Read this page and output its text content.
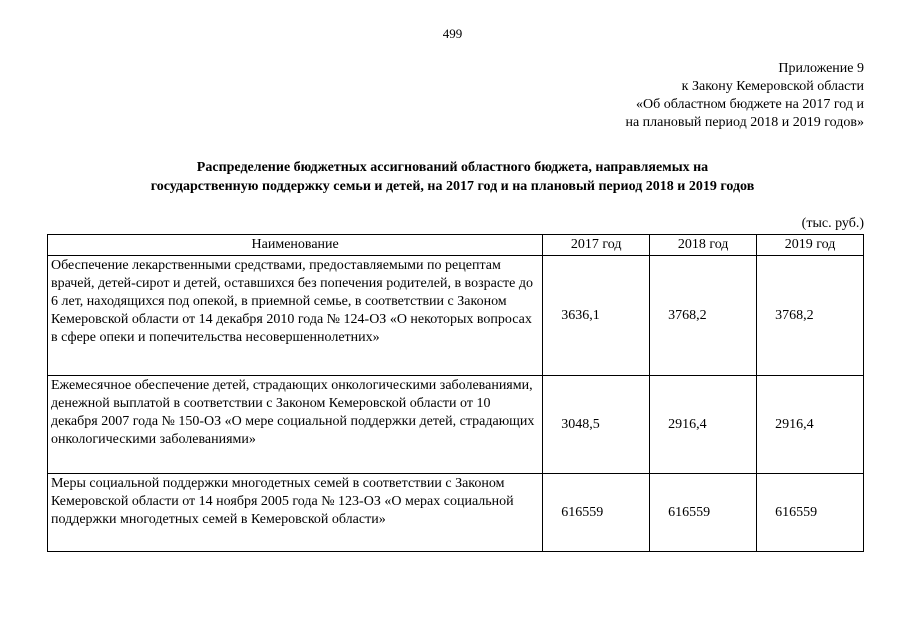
499
Приложение 9
к Закону Кемеровской области
«Об областном бюджете на 2017 год и
на плановый период 2018 и 2019 годов»
Распределение бюджетных ассигнований областного бюджета, направляемых на
государственную поддержку семьи и детей, на 2017 год и на плановый период 2018 и 2019 годов
(тыс. руб.)
Наименование	2017 год	2018 год	2019 год
Обеспечение лекарственными средствами, предоставляемыми по рецептам врачей, детей-сирот и детей, оставшихся без попечения родителей, в возрасте до 6 лет, находящихся под опекой, в приемной семье, в соответствии с Законом Кемеровской области от 14 декабря 2010 года № 124-ОЗ «О некоторых вопросах в сфере опеки и попечительства несовершеннолетних»	3636,1	3768,2	3768,2
Ежемесячное обеспечение детей, страдающих онкологическими заболеваниями, денежной выплатой в соответствии с Законом Кемеровской области от 10 декабря 2007 года № 150-ОЗ «О мере социальной поддержки детей, страдающих онкологическими заболеваниями»	3048,5	2916,4	2916,4
Меры социальной поддержки многодетных семей в соответствии с Законом Кемеровской области от 14 ноября 2005 года № 123-ОЗ «О мерах социальной поддержки многодетных семей в Кемеровской области»	616559	616559	616559
